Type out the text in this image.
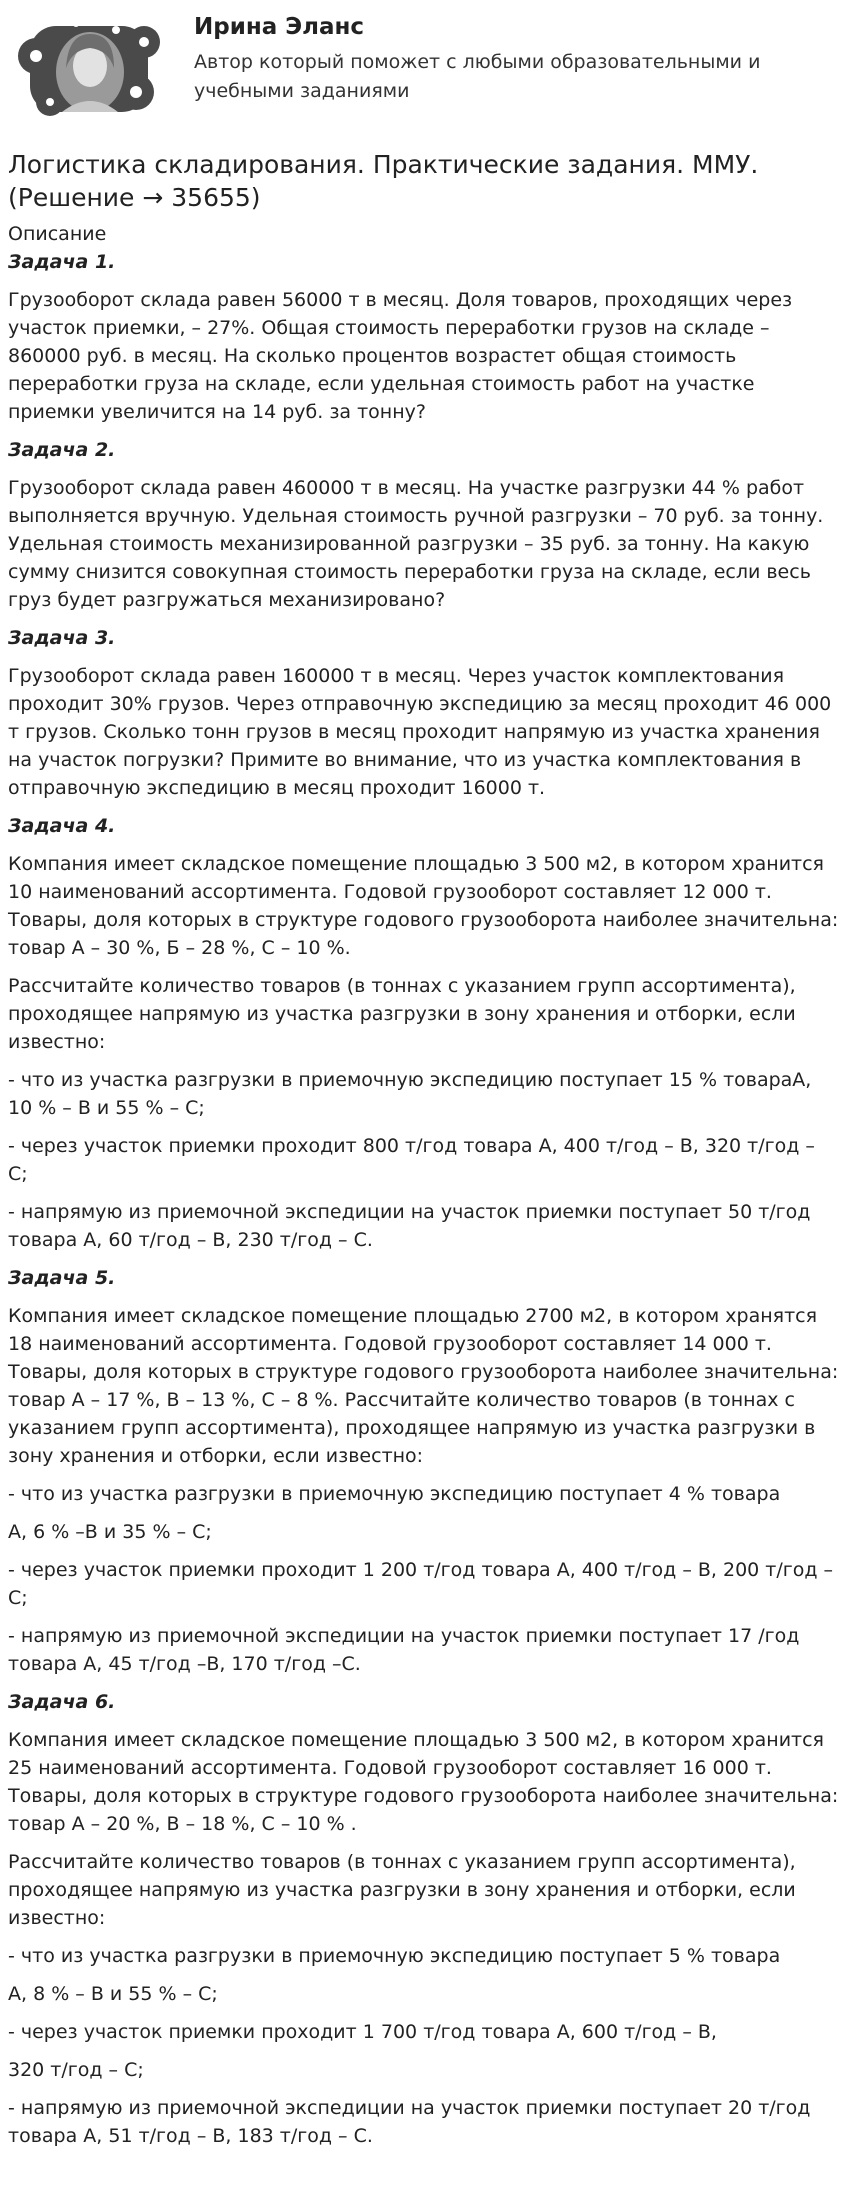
Ирина Эланс
Автор который поможет с любыми образовательными и учебными заданиями
Логистика складирования. Практические задания. ММУ. (Решение → 35655)
Описание

Задача 1.

Грузооборот склада равен 56000 т в месяц. Доля товаров, проходящих через участок приемки, – 27%. Общая стоимость переработки грузов на складе – 860000 руб. в месяц. На сколько процентов возрастет общая стоимость переработки груза на складе, если удельная стоимость работ на участке приемки увеличится на 14 руб. за тонну?

Задача 2.

Грузооборот склада равен 460000 т в месяц. На участке разгрузки 44 % работ выполняется вручную. Удельная стоимость ручной разгрузки – 70 руб. за тонну. Удельная стоимость механизированной разгрузки – 35 руб. за тонну. На какую сумму снизится совокупная стоимость переработки груза на складе, если весь груз будет разгружаться механизировано?

Задача 3.

Грузооборот склада равен 160000 т в месяц. Через участок комплектования проходит 30% грузов. Через отправочную экспедицию за месяц проходит 46 000 т грузов. Сколько тонн грузов в месяц проходит напрямую из участка хранения на участок погрузки? Примите во внимание, что из участка комплектования в отправочную экспедицию в месяц проходит 16000 т.

Задача 4.

Компания имеет складское помещение площадью 3 500 м2, в котором хранится 10 наименований ассортимента. Годовой грузооборот составляет 12 000 т. Товары, доля которых в структуре годового грузооборота наиболее значительна: товар А – 30 %, Б – 28 %, С – 10 %.

Рассчитайте количество товаров (в тоннах с указанием групп ассортимента), проходящее напрямую из участка разгрузки в зону хранения и отборки, если известно:

- что из участка разгрузки в приемочную экспедицию поступает 15 % товараА, 10 % – В и 55 % – С;

- через участок приемки проходит 800 т/год товара А, 400 т/год – В, 320 т/год – С;

- напрямую из приемочной экспедиции на участок приемки поступает 50 т/год товара А, 60 т/год – В, 230 т/год – С.

Задача 5.

Компания имеет складское помещение площадью 2700 м2, в котором хранятся 18 наименований ассортимента. Годовой грузооборот составляет 14 000 т. Товары, доля которых в структуре годового грузооборота наиболее значительна: товар А – 17 %, В – 13 %, С – 8 %. Рассчитайте количество товаров (в тоннах с указанием групп ассортимента), проходящее напрямую из участка разгрузки в зону хранения и отборки, если известно:

- что из участка разгрузки в приемочную экспедицию поступает 4 % товара

А, 6 % –В и 35 % – С;

- через участок приемки проходит 1 200 т/год товара А, 400 т/год – В, 200 т/год – С;

- напрямую из приемочной экспедиции на участок приемки поступает 17 /год товара А, 45 т/год –В, 170 т/год –С.

Задача 6.

Компания имеет складское помещение площадью 3 500 м2, в котором хранится 25 наименований ассортимента. Годовой грузооборот составляет 16 000 т. Товары, доля которых в структуре годового грузооборота наиболее значительна: товар А – 20 %, В – 18 %, С – 10 % .

Рассчитайте количество товаров (в тоннах с указанием групп ассортимента), проходящее напрямую из участка разгрузки в зону хранения и отборки, если известно:

- что из участка разгрузки в приемочную экспедицию поступает 5 % товара

А, 8 % – В и 55 % – С;

- через участок приемки проходит 1 700 т/год товара А, 600 т/год – В,

320 т/год – С;

- напрямую из приемочной экспедиции на участок приемки поступает 20 т/год товара А, 51 т/год – В, 183 т/год – С.
